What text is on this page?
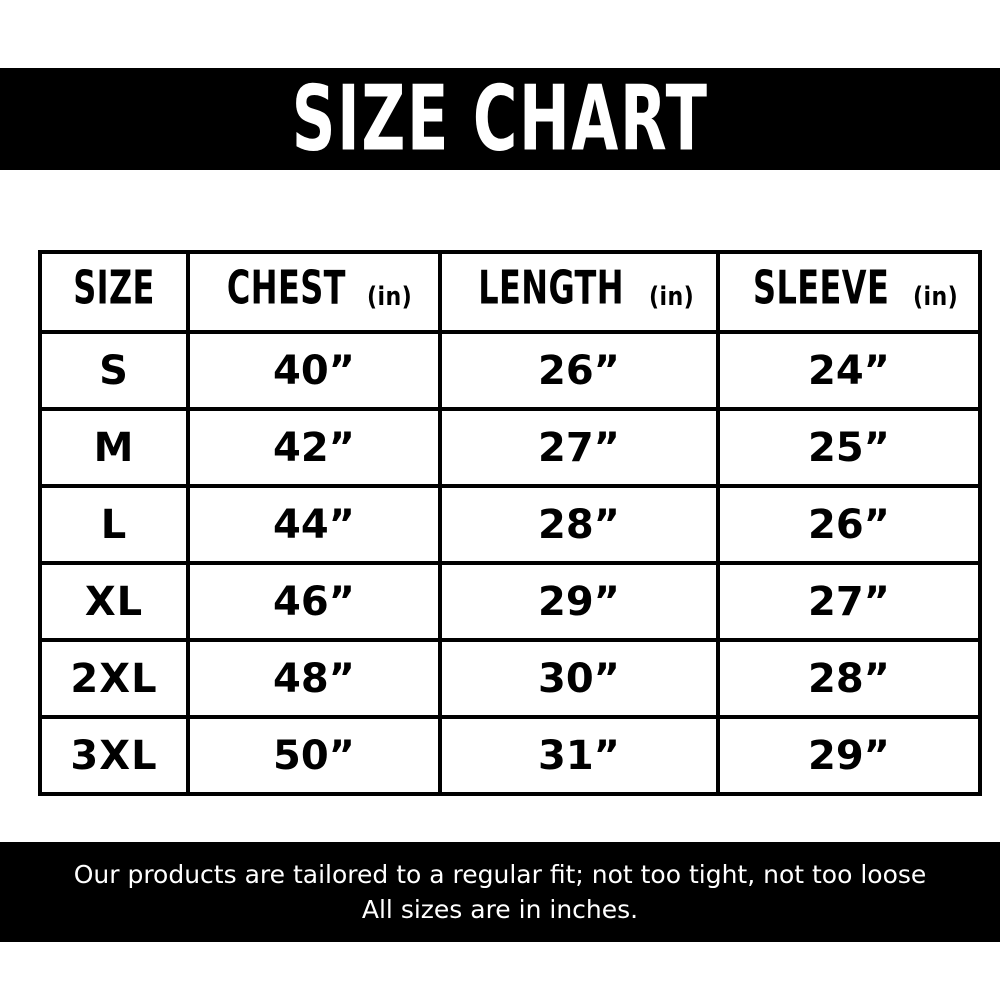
SIZE CHART
SIZE	CHEST (in)	LENGTH (in)	SLEEVE (in)

S	40”	26”	24”
M	42”	27”	25”
L	44”	28”	26”
XL	46”	29”	27”
2XL	48”	30”	28”
3XL	50”	31”	29”
Our products are tailored to a regular fit; not too tight, not too loose
All sizes are in inches.
